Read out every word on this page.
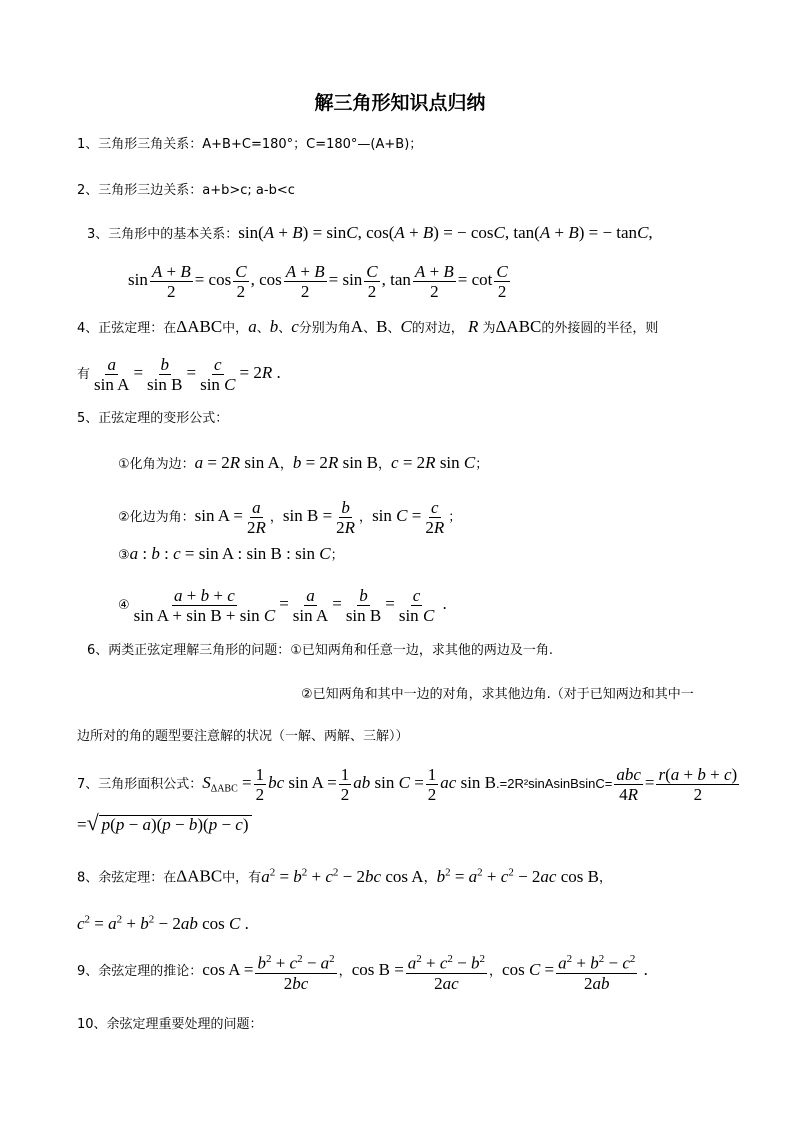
解三角形知识点归纳
1、三角形三角关系：A+B+C=180°；C=180°—(A+B)；
2、三角形三边关系：a+b>c; a-b<c
3、三角形中的基本关系：sin(A + B) = sinC, cos(A + B) = − cosC, tan(A + B) = − tanC,
$\sin \frac{A + B}{2} = \cos \frac{C}{2}$ , $\cos \frac{A + B}{2} = \sin \frac{C}{2}$ , $\tan \frac{A + B}{2} = \cot \frac{C}{2}$
4、正弦定理：在ΔABC中，a、b、c分别为角A、B、C的对边， R 为ΔABC的外接圆的半径，则
有 $\frac{a}{\text{sin A}} = \frac{b}{\text{sin B}} = \frac{c}{\text{sin C}} = 2R$ .
5、正弦定理的变形公式：
①化角为边：a = 2R sin A，b = 2R sin B，c = 2R sin C；
②化边为角：$\sin A = \frac{a}{2R}$ ，$\sin B = \frac{b}{2R}$ ，$\sin C = \frac{c}{2R}$ ；
③a : b : c = sin A : sin B : sin C；
④ $\frac{a + b + c}{\text{sin A + sin B + sin C}} = \frac{a}{\text{sin A}} = \frac{b}{\text{sin B}} = \frac{c}{\text{sin C}}$ .
6、两类正弦定理解三角形的问题：①已知两角和任意一边，求其他的两边及一角.
②已知两角和其中一边的对角，求其他边角.（对于已知两边和其中一
边所对的角的题型要注意解的状况（一解、两解、三解））
7、三角形面积公式：$S_{\Delta ABC} = \frac{1}{2}$ bc $\sin A = \frac{1}{2}$ ab $\sin C = \frac{1}{2}$ ac sin B.=2R²sinAsinBsinC= $\frac{\text{abc}}{4R} = \frac{r(a + b + c)}{2}$
=√ p(p − a)(p − b)(p − c)
8、余弦定理：在ΔABC中，有$a^2 = b^2 + c^2 - 2bc$ cos A，$b^2 = a^2 + c^2 - 2ac$ cos B，
$c^2 = a^2 + b^2 - 2ab$ cos C .
9、余弦定理的推论：$\cos A = \frac{b^2 + c^2 - a^2}{2bc}$ ，$\cos B = \frac{a^2 + c^2 - b^2}{2ac}$ ，$\cos C = \frac{a^2 + b^2 - c^2}{2ab}$ .
10、余弦定理重要处理的问题：
